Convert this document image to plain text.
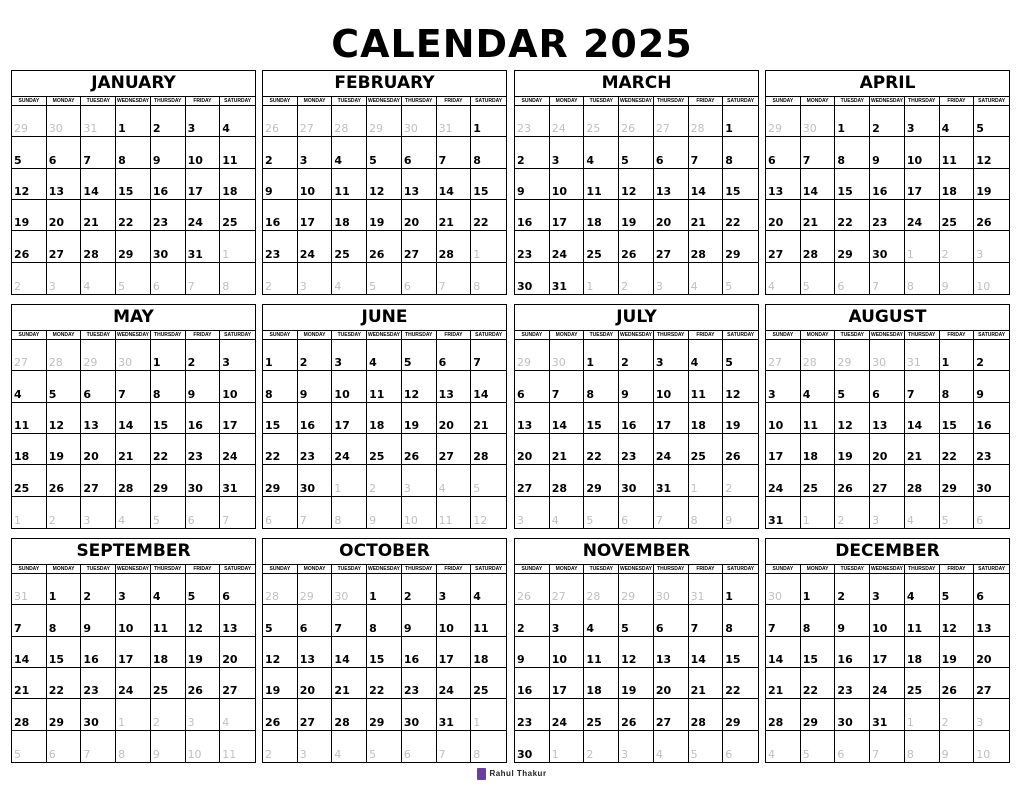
CALENDAR 2025
JANUARY
SUNDAY	MONDAY	TUESDAY	WEDNESDAY	THURSDAY	FRIDAY	SATURDAY
29 30 31 1 2 3 4
5 6 7 8 9 10 11
12 13 14 15 16 17 18
19 20 21 22 23 24 25
26 27 28 29 30 31 1
2	3	4	5	6	7	8
FEBRUARY
SUNDAY	MONDAY	TUESDAY	WEDNESDAY	THURSDAY	FRIDAY	SATURDAY
26 27 28 29 30 31 1
2 3 4 5 6 7 8
9 10 11 12 13 14 15
16 17 18 19 20 21 22
23 24 25 26 27 28 1
2	3	4	5	6	7	8
MARCH
SUNDAY	MONDAY	TUESDAY	WEDNESDAY	THURSDAY	FRIDAY	SATURDAY
23 24 25 26 27 28 1
2 3 4 5 6 7 8
9 10 11 12 13 14 15
16 17 18 19 20 21 22
23 24 25 26 27 28 29
30 31 1	2	3	4	5
APRIL
SUNDAY	MONDAY	TUESDAY	WEDNESDAY	THURSDAY	FRIDAY	SATURDAY
29 30 1 2 3 4 5
6 7 8 9 10 11 12
13 14 15 16 17 18 19
20 21 22 23 24 25 26
27 28 29 30 1	2	3
4	5	6	7	8	9	10
MAY
SUNDAY	MONDAY	TUESDAY	WEDNESDAY	THURSDAY	FRIDAY	SATURDAY
27 28 29 30 1 2 3
4 5 6 7 8 9 10
11 12 13 14 15 16 17
18 19 20 21 22 23 24
25 26 27 28 29 30 31
1	2	3	4	5	6	7
JUNE
SUNDAY	MONDAY	TUESDAY	WEDNESDAY	THURSDAY	FRIDAY	SATURDAY
1 2 3 4 5 6 7
8 9 10 11 12 13 14
15 16 17 18 19 20 21
22 23 24 25 26 27 28
29 30 1	2	3	4	5
6	7	8	9	10 11 12
JULY
SUNDAY	MONDAY	TUESDAY	WEDNESDAY	THURSDAY	FRIDAY	SATURDAY
29 30 1 2 3 4 5
6 7 8 9 10 11 12
13 14 15 16 17 18 19
20 21 22 23 24 25 26
27 28 29 30 31 1	2
3	4	5	6	7	8	9
AUGUST
SUNDAY	MONDAY	TUESDAY	WEDNESDAY	THURSDAY	FRIDAY	SATURDAY
27 28 29 30 31 1 2
3 4 5 6 7 8 9
10 11 12 13 14 15 16
17 18 19 20 21 22 23
24 25 26 27 28 29 30
31 1	2	3	4	5	6
SEPTEMBER
SUNDAY	MONDAY	TUESDAY	WEDNESDAY	THURSDAY	FRIDAY	SATURDAY
31 1 2 3 4 5 6
7 8 9 10 11 12 13
14 15 16 17 18 19 20
21 22 23 24 25 26 27
28 29 30 1	2	3	4
5	6	7	8	9	10 11
OCTOBER
SUNDAY	MONDAY	TUESDAY	WEDNESDAY	THURSDAY	FRIDAY	SATURDAY
28 29 30 1 2 3 4
5 6 7 8 9 10 11
12 13 14 15 16 17 18
19 20 21 22 23 24 25
26 27 28 29 30 31 1
2	3	4	5	6	7	8
NOVEMBER
SUNDAY	MONDAY	TUESDAY	WEDNESDAY	THURSDAY	FRIDAY	SATURDAY
26 27 28 29 30 31 1
2 3 4 5 6 7 8
9 10 11 12 13 14 15
16 17 18 19 20 21 22
23 24 25 26 27 28 29
30 1	2	3	4	5	6
DECEMBER
SUNDAY	MONDAY	TUESDAY	WEDNESDAY	THURSDAY	FRIDAY	SATURDAY
30 1 2 3 4 5 6
7 8 9 10 11 12 13
14 15 16 17 18 19 20
21 22 23 24 25 26 27
28 29 30 31 1	2	3
4	5	6	7	8	9	10
Rahul Thakur
